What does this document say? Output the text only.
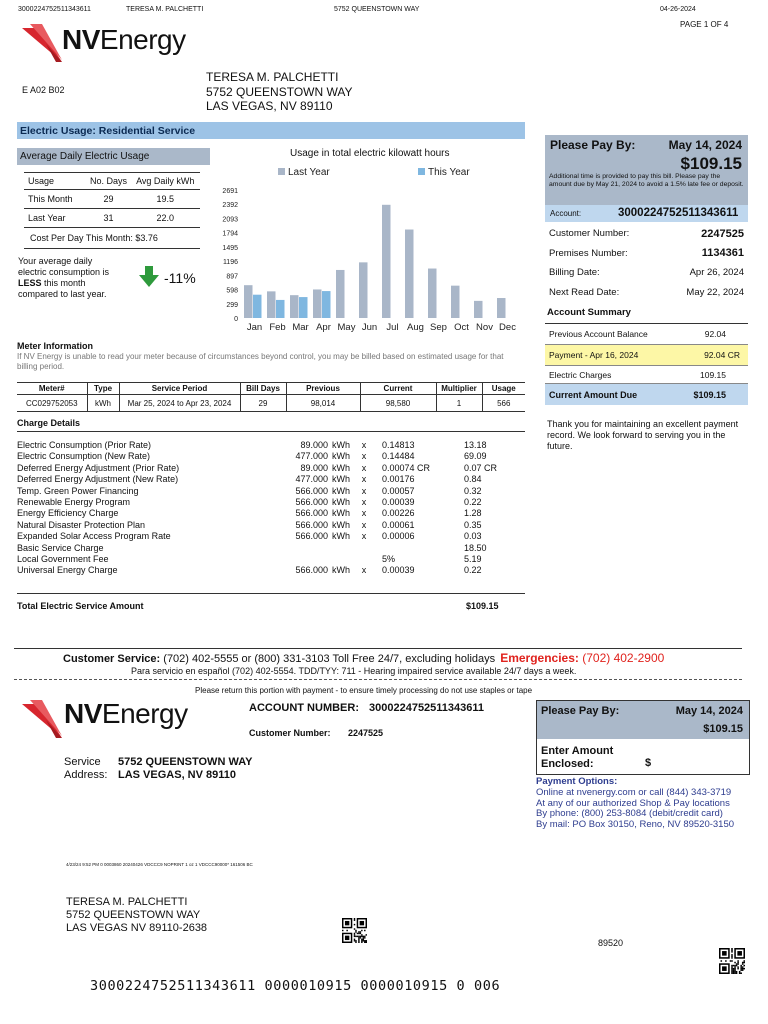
3000224752511343611	TERESA M. PALCHETTI	5752 QUEENSTOWN WAY	04-26-2024
PAGE 1 OF 4
NVEnergy
E A02 B02
TERESA M. PALCHETTI
5752 QUEENSTOWN WAY
LAS VEGAS, NV 89110
Electric Usage: Residential Service
Average Daily Electric Usage
Usage	No. Days	Avg Daily kWh
This Month	29	19.5
Last Year	31	22.0
Cost Per Day This Month: $3.76
Your average daily
electric consumption is
LESS this month
compared to last year.
-11%
Usage in total electric kilowatt hours
Last Year	This Year
0
299
598
897
1196
1495
1794
2093
2392
2691
Jan Feb Mar Apr May Jun Jul Aug Sep Oct Nov Dec
Please Pay By:	May 14, 2024
$109.15
Additional time is provided to pay this bill. Please pay the amount due by May 21, 2024 to avoid a 1.5% late fee or deposit.
Account:	3000224752511343611
Customer Number:	2247525
Premises Number:	1134361
Billing Date:	Apr 26, 2024
Next Read Date:	May 22, 2024
Account Summary
Previous Account Balance	92.04
Payment - Apr 16, 2024	92.04 CR
Electric Charges	109.15
Current Amount Due	$109.15
Thank you for maintaining an excellent payment record. We look forward to serving you in the future.
Meter Information
If NV Energy is unable to read your meter because of circumstances beyond control, you may be billed based on estimated usage for that billing period.
Meter#	Type	Service Period	Bill Days	Previous	Current	Multiplier	Usage
CC029752053	kWh	Mar 25, 2024 to Apr 23, 2024	29	98,014	98,580	1	566
Charge Details
Electric Consumption (Prior Rate)	89.000 kWh	x	0.14813	13.18
Electric Consumption (New Rate)	477.000 kWh	x	0.14484	69.09
Deferred Energy Adjustment (Prior Rate)	89.000 kWh	x	0.00074 CR	0.07 CR
Deferred Energy Adjustment (New Rate)	477.000 kWh	x	0.00176	0.84
Temp. Green Power Financing	566.000 kWh	x	0.00057	0.32
Renewable Energy Program	566.000 kWh	x	0.00039	0.22
Energy Efficiency Charge	566.000 kWh	x	0.00226	1.28
Natural Disaster Protection Plan	566.000 kWh	x	0.00061	0.35
Expanded Solar Access Program Rate	566.000 kWh	x	0.00006	0.03
Basic Service Charge	18.50
Local Government Fee	5%	5.19
Universal Energy Charge	566.000 kWh	x	0.00039	0.22
Total Electric Service Amount	$109.15
Customer Service: (702) 402-5555 or (800) 331-3103 Toll Free 24/7, excluding holidays Emergencies: (702) 402-2900
Para servicio en español (702) 402-5554. TDD/TYY: 711 - Hearing impaired service available 24/7 days a week.
Please return this portion with payment - to ensure timely processing do not use staples or tape
NVEnergy	ACCOUNT NUMBER: 3000224752511343611
Customer Number: 2247525
Service
Address:
5752 QUEENSTOWN WAY
LAS VEGAS, NV 89110
Please Pay By:	May 14, 2024
$109.15
Enter Amount
Enclosed:	$
Payment Options:
Online at nvenergy.com or call (844) 343-3719
At any of our authorized Shop & Pay locations
By phone: (800) 253-8084 (debit/credit card)
By mail: PO Box 30150, Reno, NV 89520-3150
4/23/24 9:52 PM 0 0003860 20240426 VDCCC9 NOPRINT 1 oz 1 VDCCC90000* 161506 BC
TERESA M. PALCHETTI
5752 QUEENSTOWN WAY
LAS VEGAS NV 89110-2638
89520
3000224752511343611 0000010915 0000010915 0 006
